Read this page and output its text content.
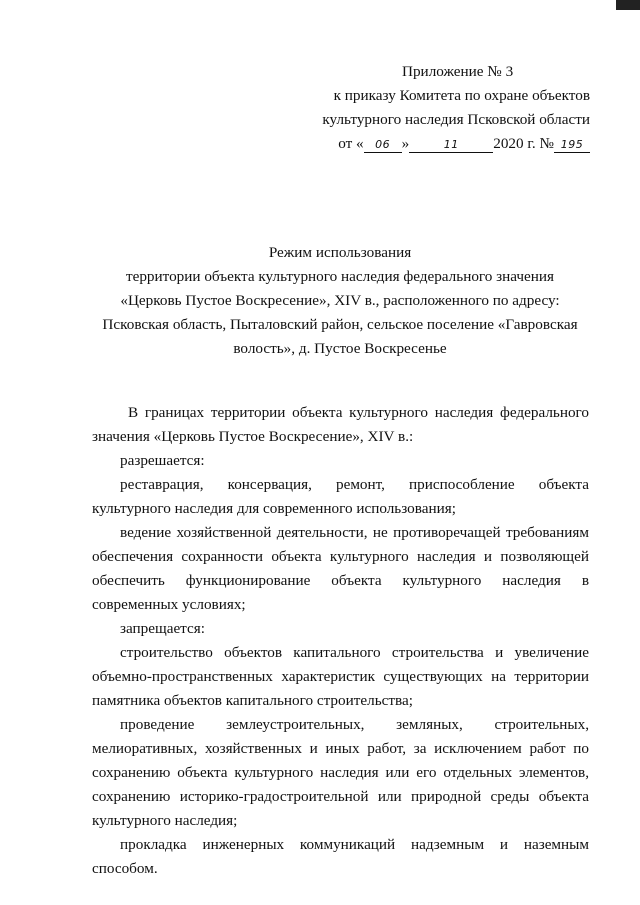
Приложение № 3
к приказу Комитета по охране объектов
культурного наследия Псковской области
от « 06 »	11 2020 г. № 195
Режим использования
территории объекта культурного наследия федерального значения
«Церковь Пустое Воскресение», XIV в., расположенного по адресу:
Псковская область, Пыталовский район, сельское поселение «Гавровская
волость», д. Пустое Воскресенье

В границах территории объекта культурного наследия федерального значения «Церковь Пустое Воскресение», XIV в.:

разрешается:

реставрация, консервация, ремонт, приспособление объекта культурного наследия для современного использования;

ведение хозяйственной деятельности, не противоречащей требованиям обеспечения сохранности объекта культурного наследия и позволяющей обеспечить функционирование объекта культурного наследия в современных условиях;

запрещается:

строительство объектов капитального строительства и увеличение объемно-пространственных характеристик существующих на территории памятника объектов капитального строительства;

проведение землеустроительных, земляных, строительных, мелиоративных, хозяйственных и иных работ, за исключением работ по сохранению объекта культурного наследия или его отдельных элементов, сохранению историко-градостроительной или природной среды объекта культурного наследия;

прокладка инженерных коммуникаций надземным и наземным способом.
